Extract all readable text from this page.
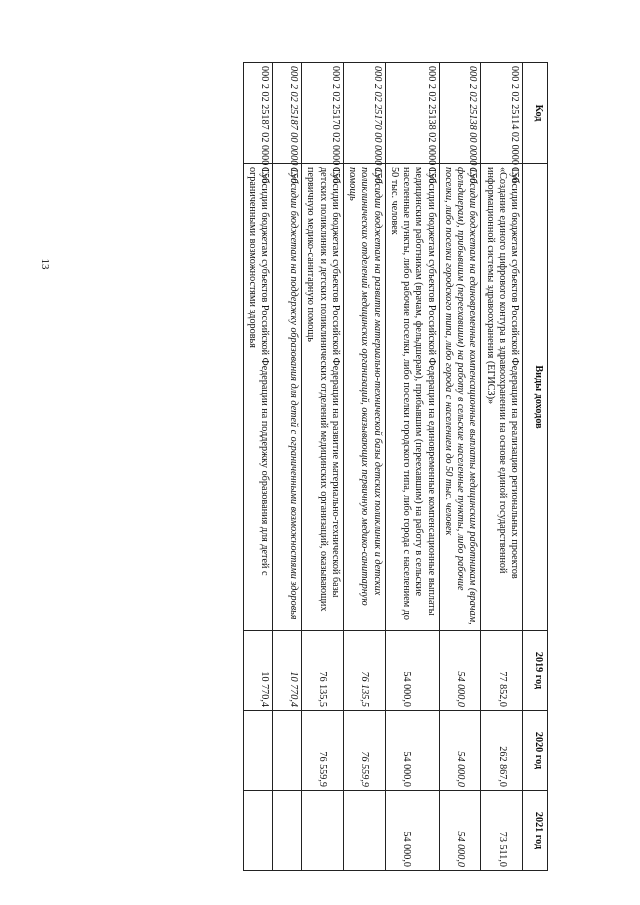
13
Код	Виды доходов	2019 год	2020 год	2021 год
000 2 02 25114 02 0000 150	Субсидии бюджетам субъектов Российской Федерации на реализацию региональных проектов «Создание единого цифрового контура в здравоохранении на основе единой государственной информационной системы здравоохранения (ЕГИСЗ)»	77 852,0	262 867,0	73 511,0
000 2 02 25138 00 0000 150	Субсидии бюджетам на единовременные компенсационные выплаты медицинским работникам (врачам, фельдшерам), прибывшим (переехавшим) на работу в сельские населенные пункты, либо рабочие поселки, либо поселки городского типа, либо города с населением до 50 тыс. человек	54 000,0	54 000,0	54 000,0
000 2 02 25138 02 0000 150	Субсидии бюджетам субъектов Российской Федерации на единовременные компенсационные выплаты медицинским работникам (врачам, фельдшерам), прибывшим (переехавшим) на работу в сельские населенные пункты, либо рабочие поселки, либо поселки городского типа, либо города с населением до 50 тыс. человек	54 000,0	54 000,0	54 000,0
000 2 02 25170 00 0000 150	Субсидии бюджетам на развитие материально-технической базы детских поликлиник и детских поликлинических отделений медицинских организаций, оказывающих первичную медико-санитарную помощь	76 135,5	76 559,9	
000 2 02 25170 02 0000 150	Субсидии бюджетам субъектов Российской Федерации на развитие материально-технической базы детских поликлиник и детских поликлинических отделений медицинских организаций, оказывающих первичную медико-санитарную помощь	76 135,5	76 559,9	
000 2 02 25187 00 0000 150	Субсидии бюджетам на поддержку образования для детей с ограниченными возможностями здоровья	10 770,4		
000 2 02 25187 02 0000 150	Субсидии бюджетам субъектов Российской Федерации на поддержку образования для детей с ограниченными возможностями здоровья	10 770,4		
